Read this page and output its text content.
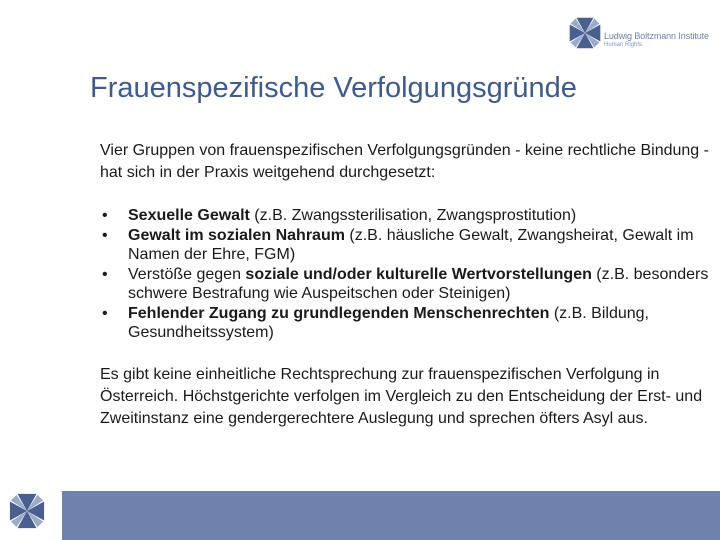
Ludwig Boltzmann Institute
Human Rights
Frauenspezifische Verfolgungsgründe

Vier Gruppen von frauenspezifischen Verfolgungsgründen - keine rechtliche Bindung - hat sich in der Praxis weitgehend durchgesetzt:

• Sexuelle Gewalt (z.B. Zwangssterilisation, Zwangsprostitution)
• Gewalt im sozialen Nahraum (z.B. häusliche Gewalt, Zwangsheirat, Gewalt im Namen der Ehre, FGM)
• Verstöße gegen soziale und/oder kulturelle Wertvorstellungen (z.B. besonders schwere Bestrafung wie Auspeitschen oder Steinigen)
• Fehlender Zugang zu grundlegenden Menschenrechten (z.B. Bildung, Gesundheitssystem)

Es gibt keine einheitliche Rechtsprechung zur frauenspezifischen Verfolgung in Österreich. Höchstgerichte verfolgen im Vergleich zu den Entscheidung der Erst- und Zweitinstanz eine gendergerechtere Auslegung und sprechen öfters Asyl aus.
